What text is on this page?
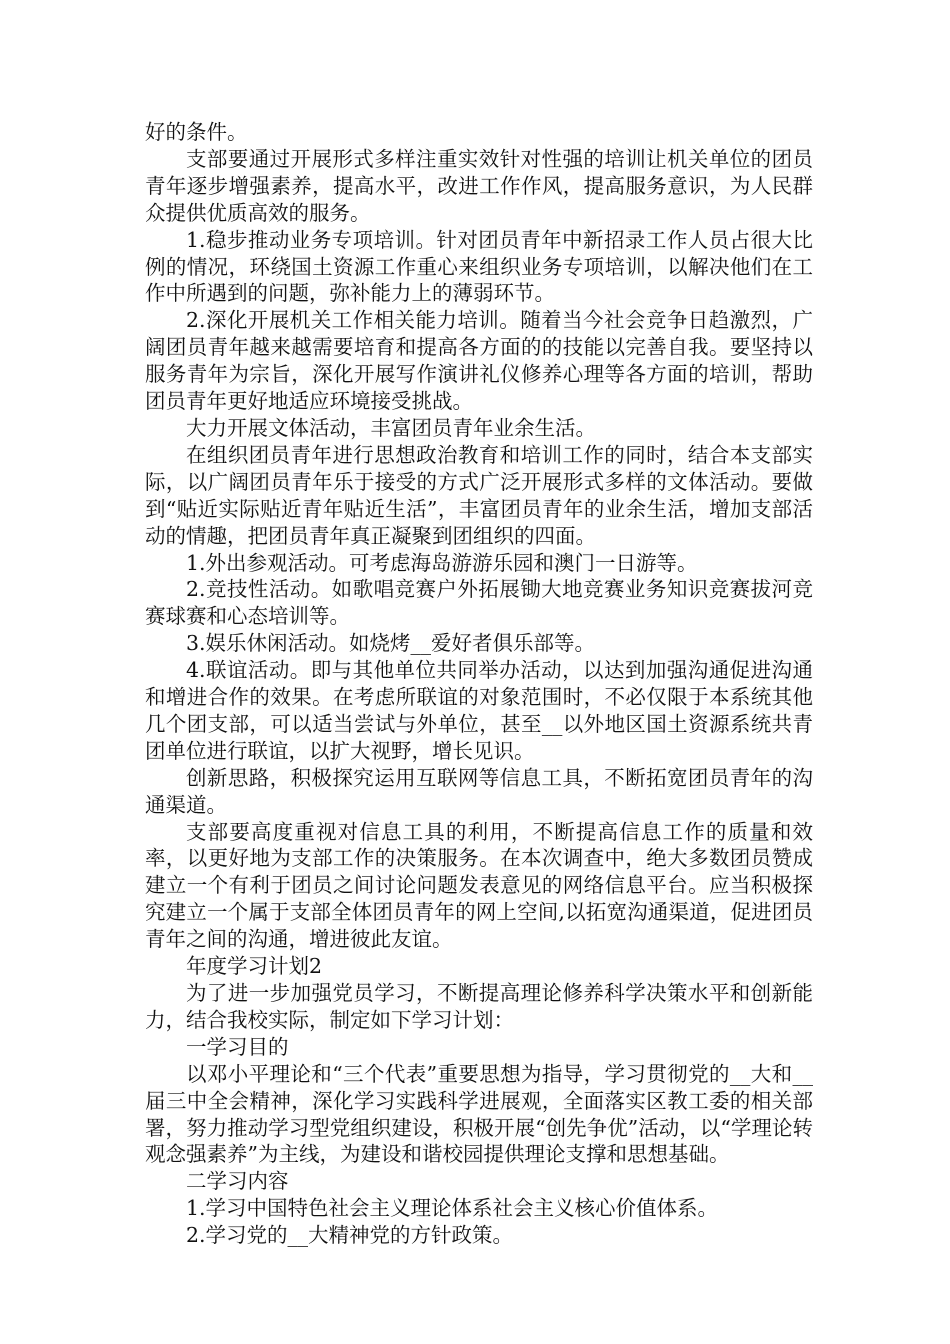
好的条件。

支部要通过开展形式多样注重实效针对性强的培训让机关单位的团员青年逐步增强素养，提高水平，改进工作作风，提高服务意识，为人民群众提供优质高效的服务。

1.稳步推动业务专项培训。针对团员青年中新招录工作人员占很大比例的情况，环绕国土资源工作重心来组织业务专项培训，以解决他们在工作中所遇到的问题，弥补能力上的薄弱环节。

2.深化开展机关工作相关能力培训。随着当今社会竞争日趋激烈，广阔团员青年越来越需要培育和提高各方面的的技能以完善自我。要坚持以服务青年为宗旨，深化开展写作演讲礼仪修养心理等各方面的培训，帮助团员青年更好地适应环境接受挑战。

大力开展文体活动，丰富团员青年业余生活。

在组织团员青年进行思想政治教育和培训工作的同时，结合本支部实际，以广阔团员青年乐于接受的方式广泛开展形式多样的文体活动。要做到“贴近实际贴近青年贴近生活”，丰富团员青年的业余生活，增加支部活动的情趣，把团员青年真正凝聚到团组织的四面。

1.外出参观活动。可考虑海岛游游乐园和澳门一日游等。

2.竞技性活动。如歌唱竞赛户外拓展锄大地竞赛业务知识竞赛拔河竞赛球赛和心态培训等。

3.娱乐休闲活动。如烧烤__爱好者俱乐部等。

4.联谊活动。即与其他单位共同举办活动，以达到加强沟通促进沟通和增进合作的效果。在考虑所联谊的对象范围时，不必仅限于本系统其他几个团支部，可以适当尝试与外单位，甚至__以外地区国土资源系统共青团单位进行联谊，以扩大视野，增长见识。

创新思路，积极探究运用互联网等信息工具，不断拓宽团员青年的沟通渠道。

支部要高度重视对信息工具的利用，不断提高信息工作的质量和效率，以更好地为支部工作的决策服务。在本次调查中，绝大多数团员赞成建立一个有利于团员之间讨论问题发表意见的网络信息平台。应当积极探究建立一个属于支部全体团员青年的网上空间,以拓宽沟通渠道，促进团员青年之间的沟通，增进彼此友谊。

年度学习计划2

为了进一步加强党员学习，不断提高理论修养科学决策水平和创新能力，结合我校实际，制定如下学习计划：

一学习目的

以邓小平理论和“三个代表”重要思想为指导，学习贯彻党的__大和__届三中全会精神，深化学习实践科学进展观，全面落实区教工委的相关部署，努力推动学习型党组织建设，积极开展“创先争优”活动，以“学理论转观念强素养”为主线，为建设和谐校园提供理论支撑和思想基础。

二学习内容

1.学习中国特色社会主义理论体系社会主义核心价值体系。

2.学习党的__大精神党的方针政策。
